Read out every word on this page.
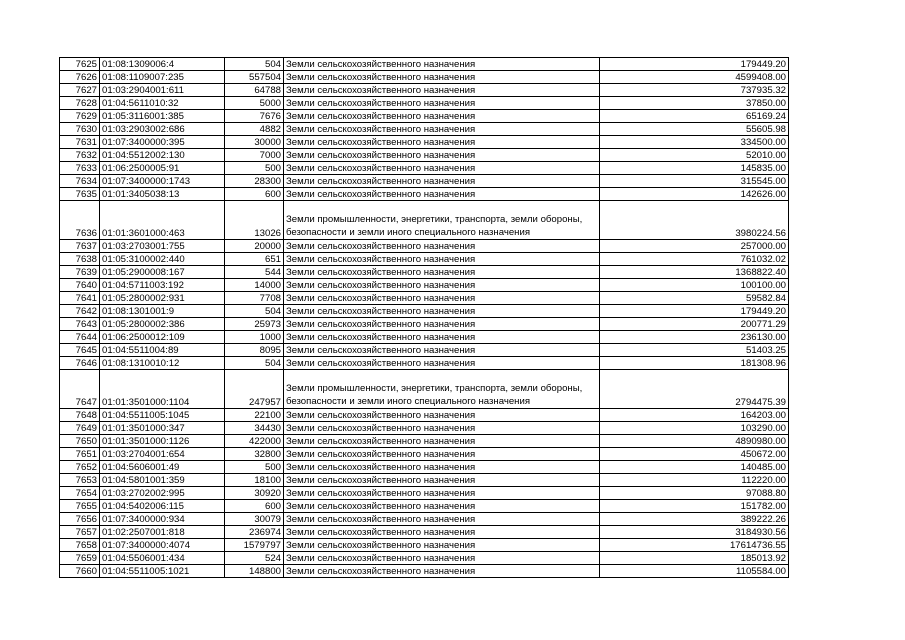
7625	01:08:1309006:4	504	Земли сельскохозяйственного назначения	179449.20
7626	01:08:1109007:235	557504	Земли сельскохозяйственного назначения	4599408.00
7627	01:03:2904001:611	64788	Земли сельскохозяйственного назначения	737935.32
7628	01:04:5611010:32	5000	Земли сельскохозяйственного назначения	37850.00
7629	01:05:3116001:385	7676	Земли сельскохозяйственного назначения	65169.24
7630	01:03:2903002:686	4882	Земли сельскохозяйственного назначения	55605.98
7631	01:07:3400000:395	30000	Земли сельскохозяйственного назначения	334500.00
7632	01:04:5512002:130	7000	Земли сельскохозяйственного назначения	52010.00
7633	01:06:2500005:91	500	Земли сельскохозяйственного назначения	145835.00
7634	01:07:3400000:1743	28300	Земли сельскохозяйственного назначения	315545.00
7635	01:01:3405038:13	600	Земли сельскохозяйственного назначения	142626.00
7636	01:01:3601000:463	13026	Земли промышленности, энергетики, транспорта, земли обороны, безопасности и земли иного специального назначения	3980224.56
7637	01:03:2703001:755	20000	Земли сельскохозяйственного назначения	257000.00
7638	01:05:3100002:440	651	Земли сельскохозяйственного назначения	761032.02
7639	01:05:2900008:167	544	Земли сельскохозяйственного назначения	1368822.40
7640	01:04:5711003:192	14000	Земли сельскохозяйственного назначения	100100.00
7641	01:05:2800002:931	7708	Земли сельскохозяйственного назначения	59582.84
7642	01:08:1301001:9	504	Земли сельскохозяйственного назначения	179449.20
7643	01:05:2800002:386	25973	Земли сельскохозяйственного назначения	200771.29
7644	01:06:2500012:109	1000	Земли сельскохозяйственного назначения	236130.00
7645	01:04:5511004:89	8095	Земли сельскохозяйственного назначения	51403.25
7646	01:08:1310010:12	504	Земли сельскохозяйственного назначения	181308.96
7647	01:01:3501000:1104	247957	Земли промышленности, энергетики, транспорта, земли обороны, безопасности и земли иного специального назначения	2794475.39
7648	01:04:5511005:1045	22100	Земли сельскохозяйственного назначения	164203.00
7649	01:01:3501000:347	34430	Земли сельскохозяйственного назначения	103290.00
7650	01:01:3501000:1126	422000	Земли сельскохозяйственного назначения	4890980.00
7651	01:03:2704001:654	32800	Земли сельскохозяйственного назначения	450672.00
7652	01:04:5606001:49	500	Земли сельскохозяйственного назначения	140485.00
7653	01:04:5801001:359	18100	Земли сельскохозяйственного назначения	112220.00
7654	01:03:2702002:995	30920	Земли сельскохозяйственного назначения	97088.80
7655	01:04:5402006:115	600	Земли сельскохозяйственного назначения	151782.00
7656	01:07:3400000:934	30079	Земли сельскохозяйственного назначения	389222.26
7657	01:02:2507001:818	236974	Земли сельскохозяйственного назначения	3184930.56
7658	01:07:3400000:4074	1579797	Земли сельскохозяйственного назначения	17614736.55
7659	01:04:5506001:434	524	Земли сельскохозяйственного назначения	185013.92
7660	01:04:5511005:1021	148800	Земли сельскохозяйственного назначения	1105584.00
